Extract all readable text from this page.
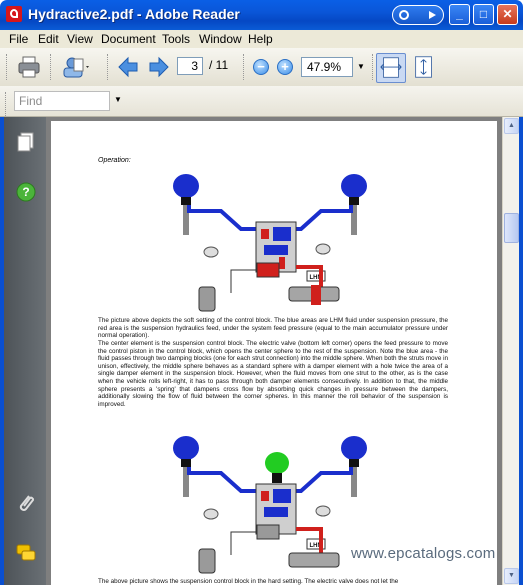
Hydractive2.pdf - Adobe Reader	_	□	✕
File Edit View Document Tools Window Help
3 / 11	−	+	47.9%	▼
Find	▼
?
Operation:
LHM
The picture above depicts the soft setting of the control block. The blue areas are LHM fluid under suspension pressure, the red area is the suspension hydraulics feed, under the system feed pressure (equal to the main accumulator pressure under normal operation).
The center element is the suspension control block. The electric valve (bottom left corner) opens the feed pressure to move the control piston in the control block, which opens the center sphere to the rest of the suspension. Note the blue area - the fluid passes through two damping blocks (one for each strut connection) into the middle sphere. When both the struts move in unison, effectively, the middle sphere behaves as a standard sphere with a damper element with a hole twice the area of a single damper element in the suspension block. However, when the fluid moves from one strut to the other, as is the case when the vehicle rolls left-right, it has to pass through both damper elements consecutively. In addition to that, the middle sphere presents a 'spring' that dampens cross flow by absorbing quick changes in pressure between the dampers, additionally slowing the flow of fluid between the corner spheres. In this manner the roll behavior of the suspension is improved.
LHM
The above picture shows the suspension control block in the hard setting. The electric valve does not let the
www.epcatalogs.com
▲
▼
